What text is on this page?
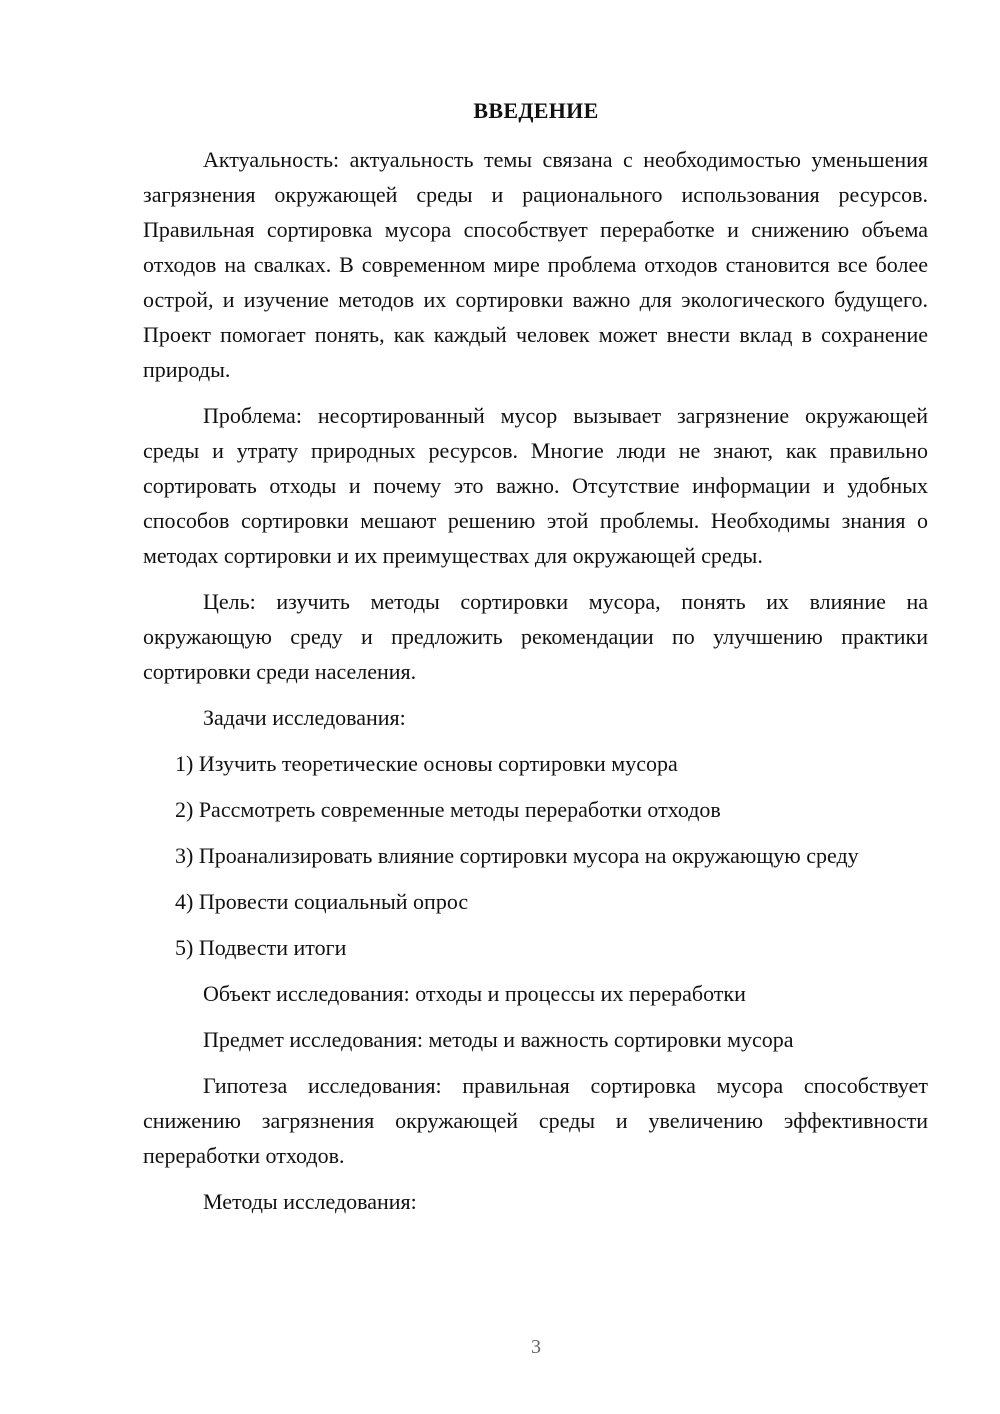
ВВЕДЕНИЕ

Актуальность: актуальность темы связана с необходимостью уменьшения загрязнения окружающей среды и рационального использования ресурсов. Правильная сортировка мусора способствует переработке и снижению объема отходов на свалках. В современном мире проблема отходов становится все более острой, и изучение методов их сортировки важно для экологического будущего. Проект помогает понять, как каждый человек может внести вклад в сохранение природы.

Проблема: несортированный мусор вызывает загрязнение окружающей среды и утрату природных ресурсов. Многие люди не знают, как правильно сортировать отходы и почему это важно. Отсутствие информации и удобных способов сортировки мешают решению этой проблемы. Необходимы знания о методах сортировки и их преимуществах для окружающей среды.

Цель: изучить методы сортировки мусора, понять их влияние на окружающую среду и предложить рекомендации по улучшению практики сортировки среди населения.

Задачи исследования:

1) Изучить теоретические основы сортировки мусора

2) Рассмотреть современные методы переработки отходов

3) Проанализировать влияние сортировки мусора на окружающую среду

4) Провести социальный опрос

5) Подвести итоги

Объект исследования: отходы и процессы их переработки

Предмет исследования: методы и важность сортировки мусора

Гипотеза исследования: правильная сортировка мусора способствует снижению загрязнения окружающей среды и увеличению эффективности переработки отходов.

Методы исследования:

3
